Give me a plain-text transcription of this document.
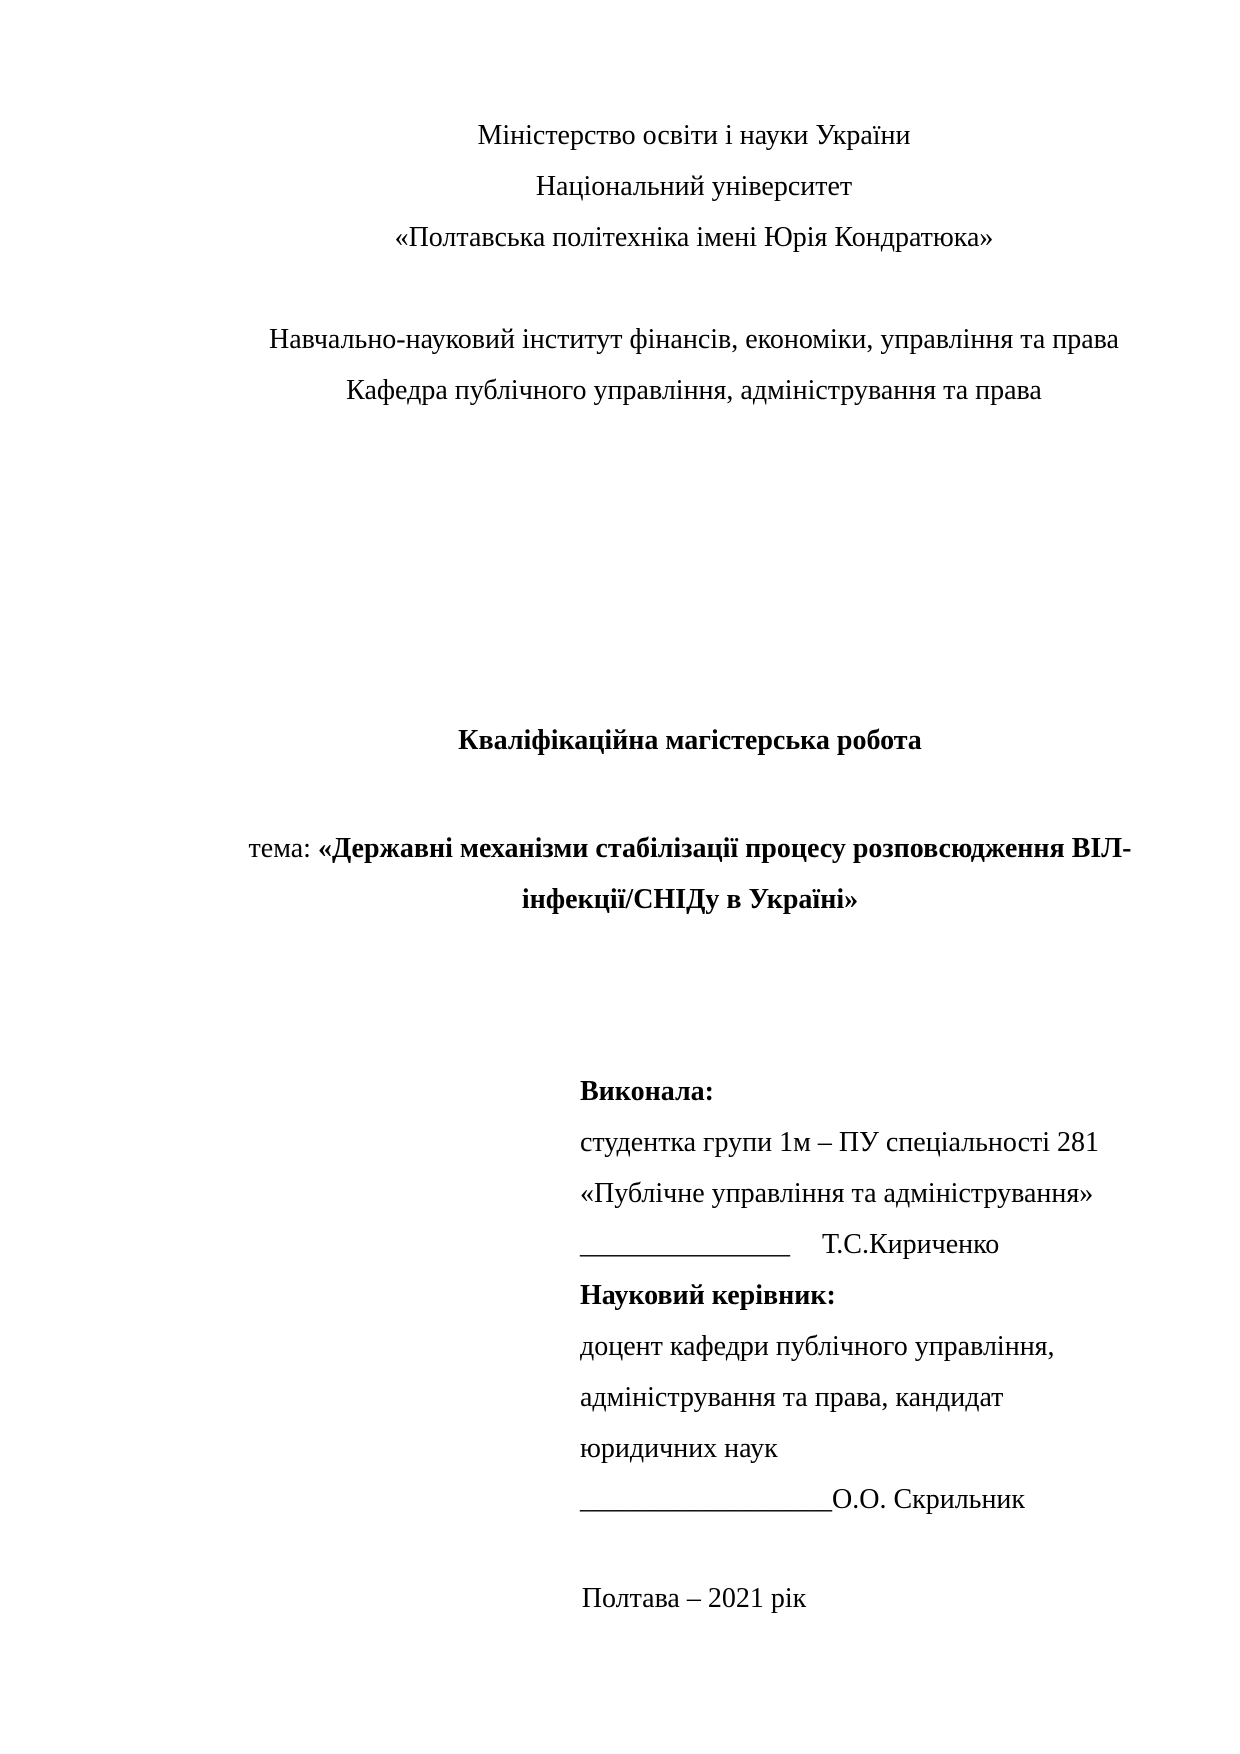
Міністерство освіти і науки України

Національний університет

«Полтавська політехніка імені Юрія Кондратюка»

Навчально-науковий інститут фінансів, економіки, управління та права

Кафедра публічного управління, адміністрування та права

Кваліфікаційна магістерська робота

тема: «Державні механізми стабілізації процесу розповсюдження ВІЛ-

інфекції/СНІДу в Україні»

Виконала:

студентка групи 1м – ПУ спеціальності 281

«Публічне управління та адміністрування»

_______________ Т.С.Кириченко

Науковий керівник:

доцент кафедри публічного управління,

адміністрування та права, кандидат

юридичних наук

__________________О.О. Скрильник

Полтава – 2021 рік
